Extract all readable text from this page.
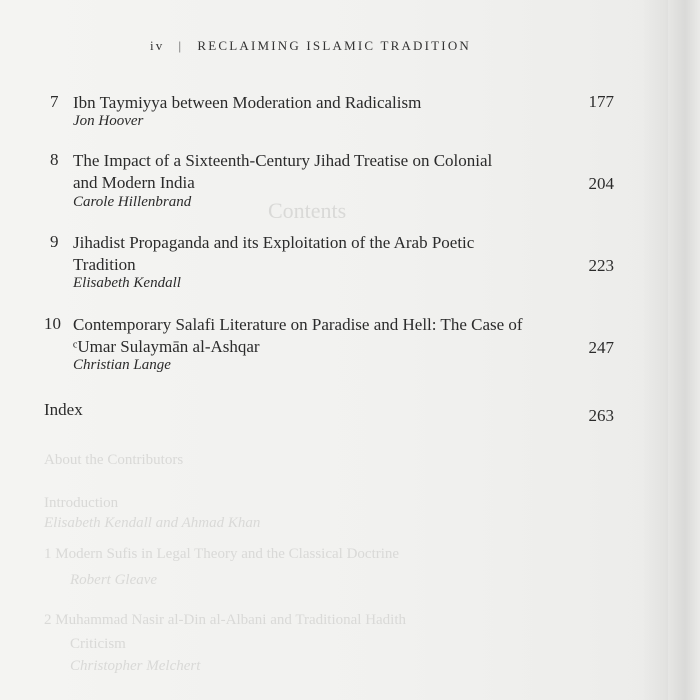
Contents
About the Contributors
Introduction
Elisabeth Kendall and Ahmad Khan
1 Modern Sufis in Legal Theory and the Classical Doctrine
Robert Gleave
2 Muhammad Nasir al-Din al-Albani and Traditional Hadith
Criticism
Christopher Melchert
iv | RECLAIMING ISLAMIC TRADITION
7 Ibn Taymiyya between Moderation and Radicalism
Jon Hoover
177
8 The Impact of a Sixteenth-Century Jihad Treatise on Colonial
and Modern India
Carole Hillenbrand
204
9 Jihadist Propaganda and its Exploitation of the Arab Poetic
Tradition
Elisabeth Kendall
223
10 Contemporary Salafi Literature on Paradise and Hell: The Case of
ᶜUmar Sulaymān al-Ashqar
Christian Lange
247
Index	263
